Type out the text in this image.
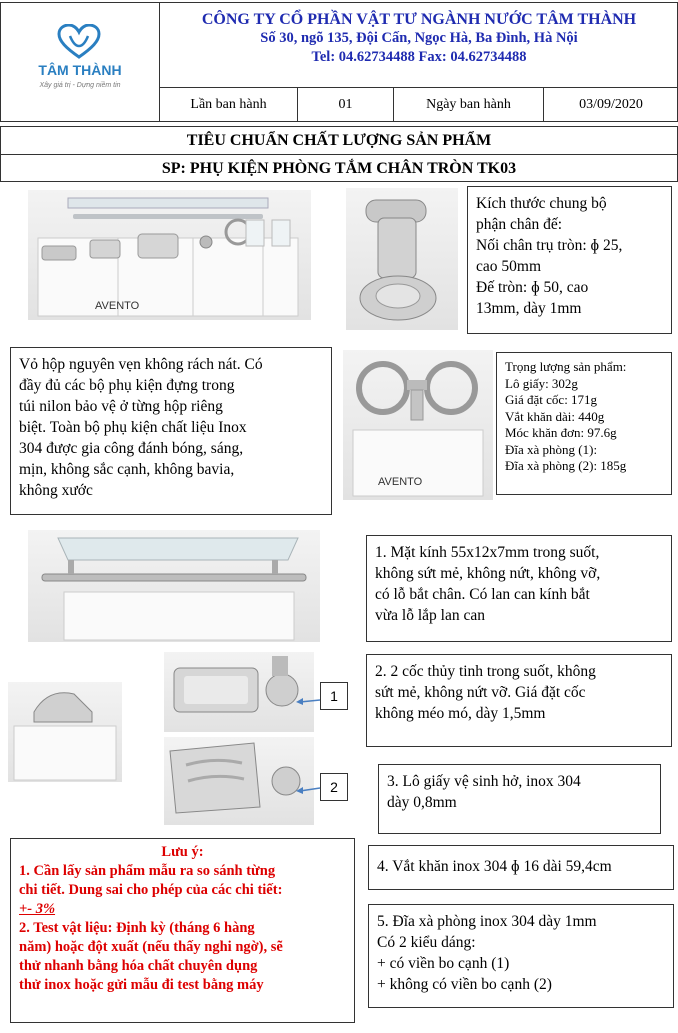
TÂM THÀNH
Xây giá trị - Dựng niềm tin
CÔNG TY CỔ PHẦN VẬT TƯ NGÀNH NƯỚC TÂM THÀNH
Số 30, ngõ 135, Đội Cấn, Ngọc Hà, Ba Đình, Hà Nội
Tel: 04.62734488 Fax: 04.62734488
Lần ban hành	01	Ngày ban hành	03/09/2020
TIÊU CHUẨN CHẤT LƯỢNG SẢN PHẨM
SP: PHỤ KIỆN PHÒNG TẮM CHÂN TRÒN TK03
AVENTO
Kích thước chung bộ
phận chân đế:
Nối chân trụ tròn: ɸ 25,
cao 50mm
Đế tròn: ɸ 50, cao
13mm, dày 1mm
Vỏ hộp nguyên vẹn không rách nát. Có
đầy đủ các bộ phụ kiện đựng trong
túi nilon bảo vệ ở từng hộp riêng
biệt. Toàn bộ phụ kiện chất liệu Inox
304 được gia công đánh bóng, sáng,
mịn, không sắc cạnh, không bavia,
không xước	AVENTO
Trọng lượng sản phẩm:
Lô giấy: 302g
Giá đặt cốc: 171g
Vắt khăn dài: 440g
Móc khăn đơn: 97.6g
Đĩa xà phòng (1):
Đĩa xà phòng (2): 185g
1. Mặt kính 55x12x7mm trong suốt,
không sứt mẻ, không nứt, không vỡ,
có lỗ bắt chân. Có lan can kính bắt
vừa lỗ lắp lan can
1
2
2. 2 cốc thủy tinh trong suốt, không
sứt mẻ, không nứt vỡ. Giá đặt cốc
không méo mó, dày 1,5mm
3. Lô giấy vệ sinh hở, inox 304
dày 0,8mm
4. Vắt khăn inox 304 ɸ 16 dài 59,4cm
5. Đĩa xà phòng inox 304 dày 1mm
Có 2 kiểu dáng:
+ có viền bo cạnh (1)
+ không có viền bo cạnh (2)
Lưu ý:
1. Cần lấy sản phẩm mẫu ra so sánh từng
chi tiết. Dung sai cho phép của các chi tiết:
+- 3%
2. Test vật liệu: Định kỳ (tháng 6 hàng
năm) hoặc đột xuất (nếu thấy nghi ngờ), sẽ
thử nhanh bằng hóa chất chuyên dụng
thử inox hoặc gửi mẫu đi test bằng máy
